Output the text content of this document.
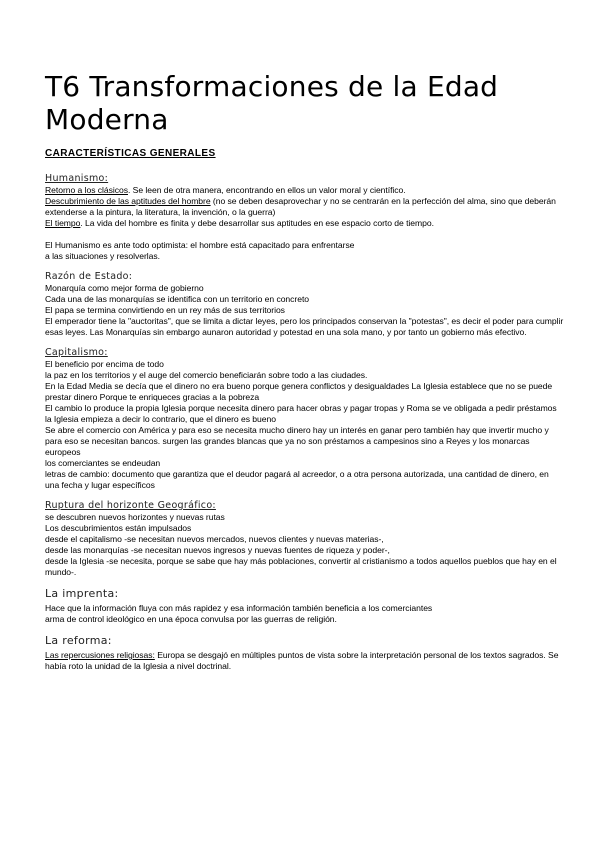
T6 Transformaciones de la Edad
Moderna
CARACTERÍSTICAS GENERALES
Humanismo:

Retorno a los clásicos. Se leen de otra manera, encontrando en ellos un valor moral y científico.

Descubrimiento de las aptitudes del hombre (no se deben desaprovechar y no se centrarán en la perfección del alma, sino que deberán extenderse a la pintura, la literatura, la invención, o la guerra)

El tiempo. La vida del hombre es finita y debe desarrollar sus aptitudes en ese espacio corto de tiempo.

El Humanismo es ante todo optimista: el hombre está capacitado para enfrentarse

a las situaciones y resolverlas.

Razón de Estado:

Monarquía como mejor forma de gobierno

Cada una de las monarquías se identifica con un territorio en concreto

El papa se termina convirtiendo en un rey más de sus territorios

El emperador tiene la "auctoritas", que se limita a dictar leyes, pero los principados conservan la "potestas", es decir el poder para cumplir esas leyes. Las Monarquías sin embargo aunaron autoridad y potestad en una sola mano, y por tanto un gobierno más efectivo.

Capitalismo:

El beneficio por encima de todo

la paz en los territorios y el auge del comercio beneficiarán sobre todo a las ciudades.

En la Edad Media se decía que el dinero no era bueno porque genera conflictos y desigualdades La Iglesia establece que no se puede prestar dinero Porque te enriqueces gracias a la pobreza

El cambio lo produce la propia Iglesia porque necesita dinero para hacer obras y pagar tropas y Roma se ve obligada a pedir préstamos

la Iglesia empieza a decir lo contrario, que el dinero es bueno

Se abre el comercio con América y para eso se necesita mucho dinero hay un interés en ganar pero también hay que invertir mucho y para eso se necesitan bancos. surgen las grandes blancas que ya no son préstamos a campesinos sino a Reyes y los monarcas europeos

los comerciantes se endeudan

letras de cambio: documento que garantiza que el deudor pagará al acreedor, o a otra persona autorizada, una cantidad de dinero, en una fecha y lugar específicos

Ruptura del horizonte Geográfico:

se descubren nuevos horizontes y nuevas rutas

Los descubrimientos están impulsados

desde el capitalismo -se necesitan nuevos mercados, nuevos clientes y nuevas materias-,

desde las monarquías -se necesitan nuevos ingresos y nuevas fuentes de riqueza y poder-,

desde la Iglesia -se necesita, porque se sabe que hay más poblaciones, convertir al cristianismo a todos aquellos pueblos que hay en el mundo-.

La imprenta:

Hace que la información fluya con más rapidez y esa información también beneficia a los comerciantes

arma de control ideológico en una época convulsa por las guerras de religión.

La reforma:

Las repercusiones religiosas: Europa se desgajó en múltiples puntos de vista sobre la interpretación personal de los textos sagrados. Se había roto la unidad de la Iglesia a nivel doctrinal.
